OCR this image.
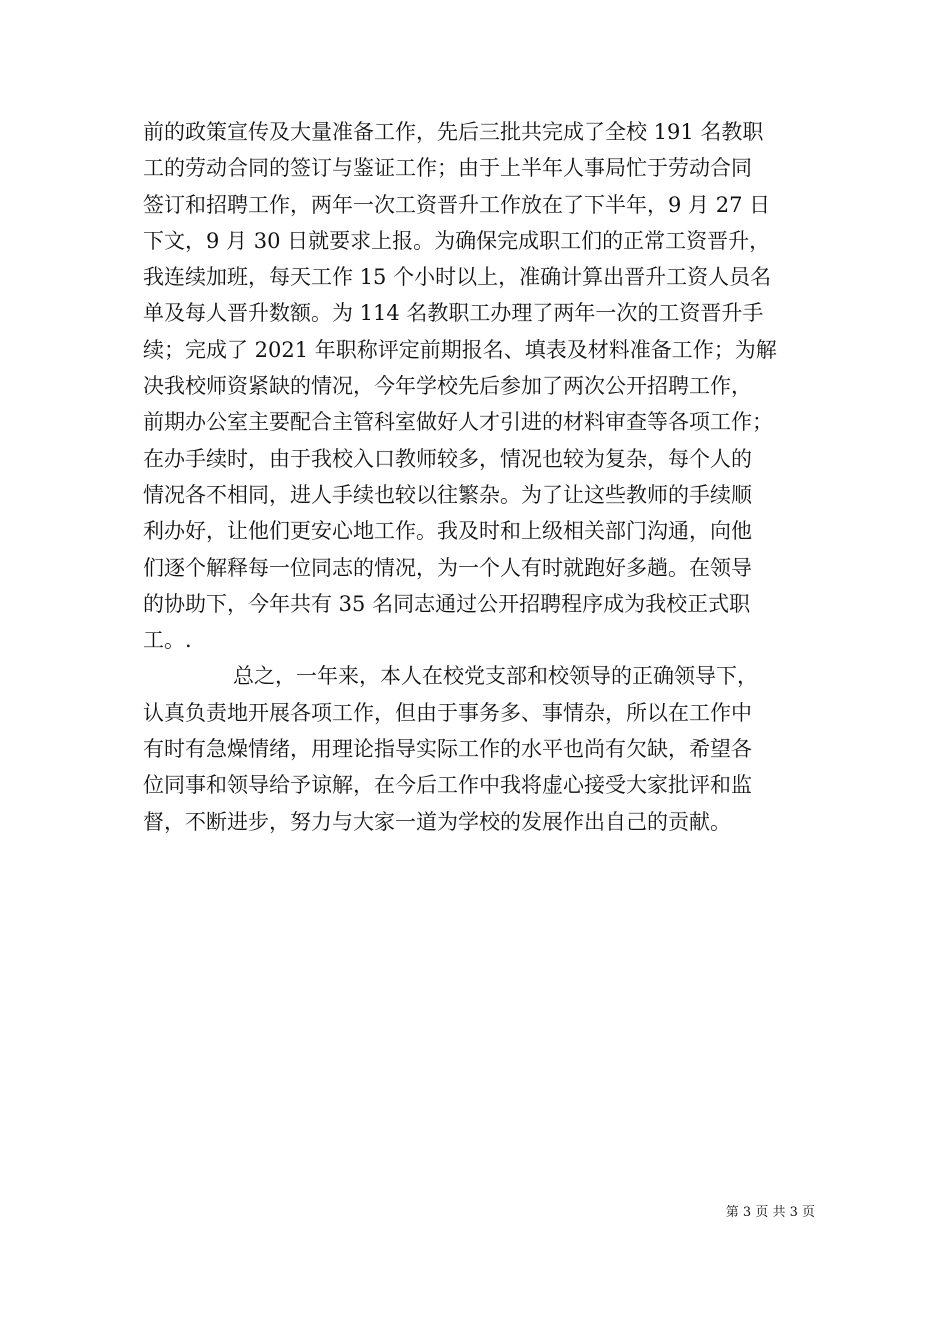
前的政策宣传及大量准备工作，先后三批共完成了全校 191 名教职
工的劳动合同的签订与鉴证工作；由于上半年人事局忙于劳动合同
签订和招聘工作，两年一次工资晋升工作放在了下半年，9 月 27 日
下文，9 月 30 日就要求上报。为确保完成职工们的正常工资晋升，
我连续加班，每天工作 15 个小时以上，准确计算出晋升工资人员名
单及每人晋升数额。为 114 名教职工办理了两年一次的工资晋升手
续；完成了 2021 年职称评定前期报名、填表及材料准备工作；为解
决我校师资紧缺的情况，今年学校先后参加了两次公开招聘工作，
前期办公室主要配合主管科室做好人才引进的材料审查等各项工作；
在办手续时，由于我校入口教师较多，情况也较为复杂，每个人的
情况各不相同，进人手续也较以往繁杂。为了让这些教师的手续顺
利办好，让他们更安心地工作。我及时和上级相关部门沟通，向他
们逐个解释每一位同志的情况，为一个人有时就跑好多趟。在领导
的协助下，今年共有 35 名同志通过公开招聘程序成为我校正式职
工。.
总之，一年来，本人在校党支部和校领导的正确领导下，
认真负责地开展各项工作，但由于事务多、事情杂，所以在工作中
有时有急燥情绪，用理论指导实际工作的水平也尚有欠缺，希望各
位同事和领导给予谅解，在今后工作中我将虚心接受大家批评和监
督，不断进步，努力与大家一道为学校的发展作出自己的贡献。
第 3 页 共 3 页
